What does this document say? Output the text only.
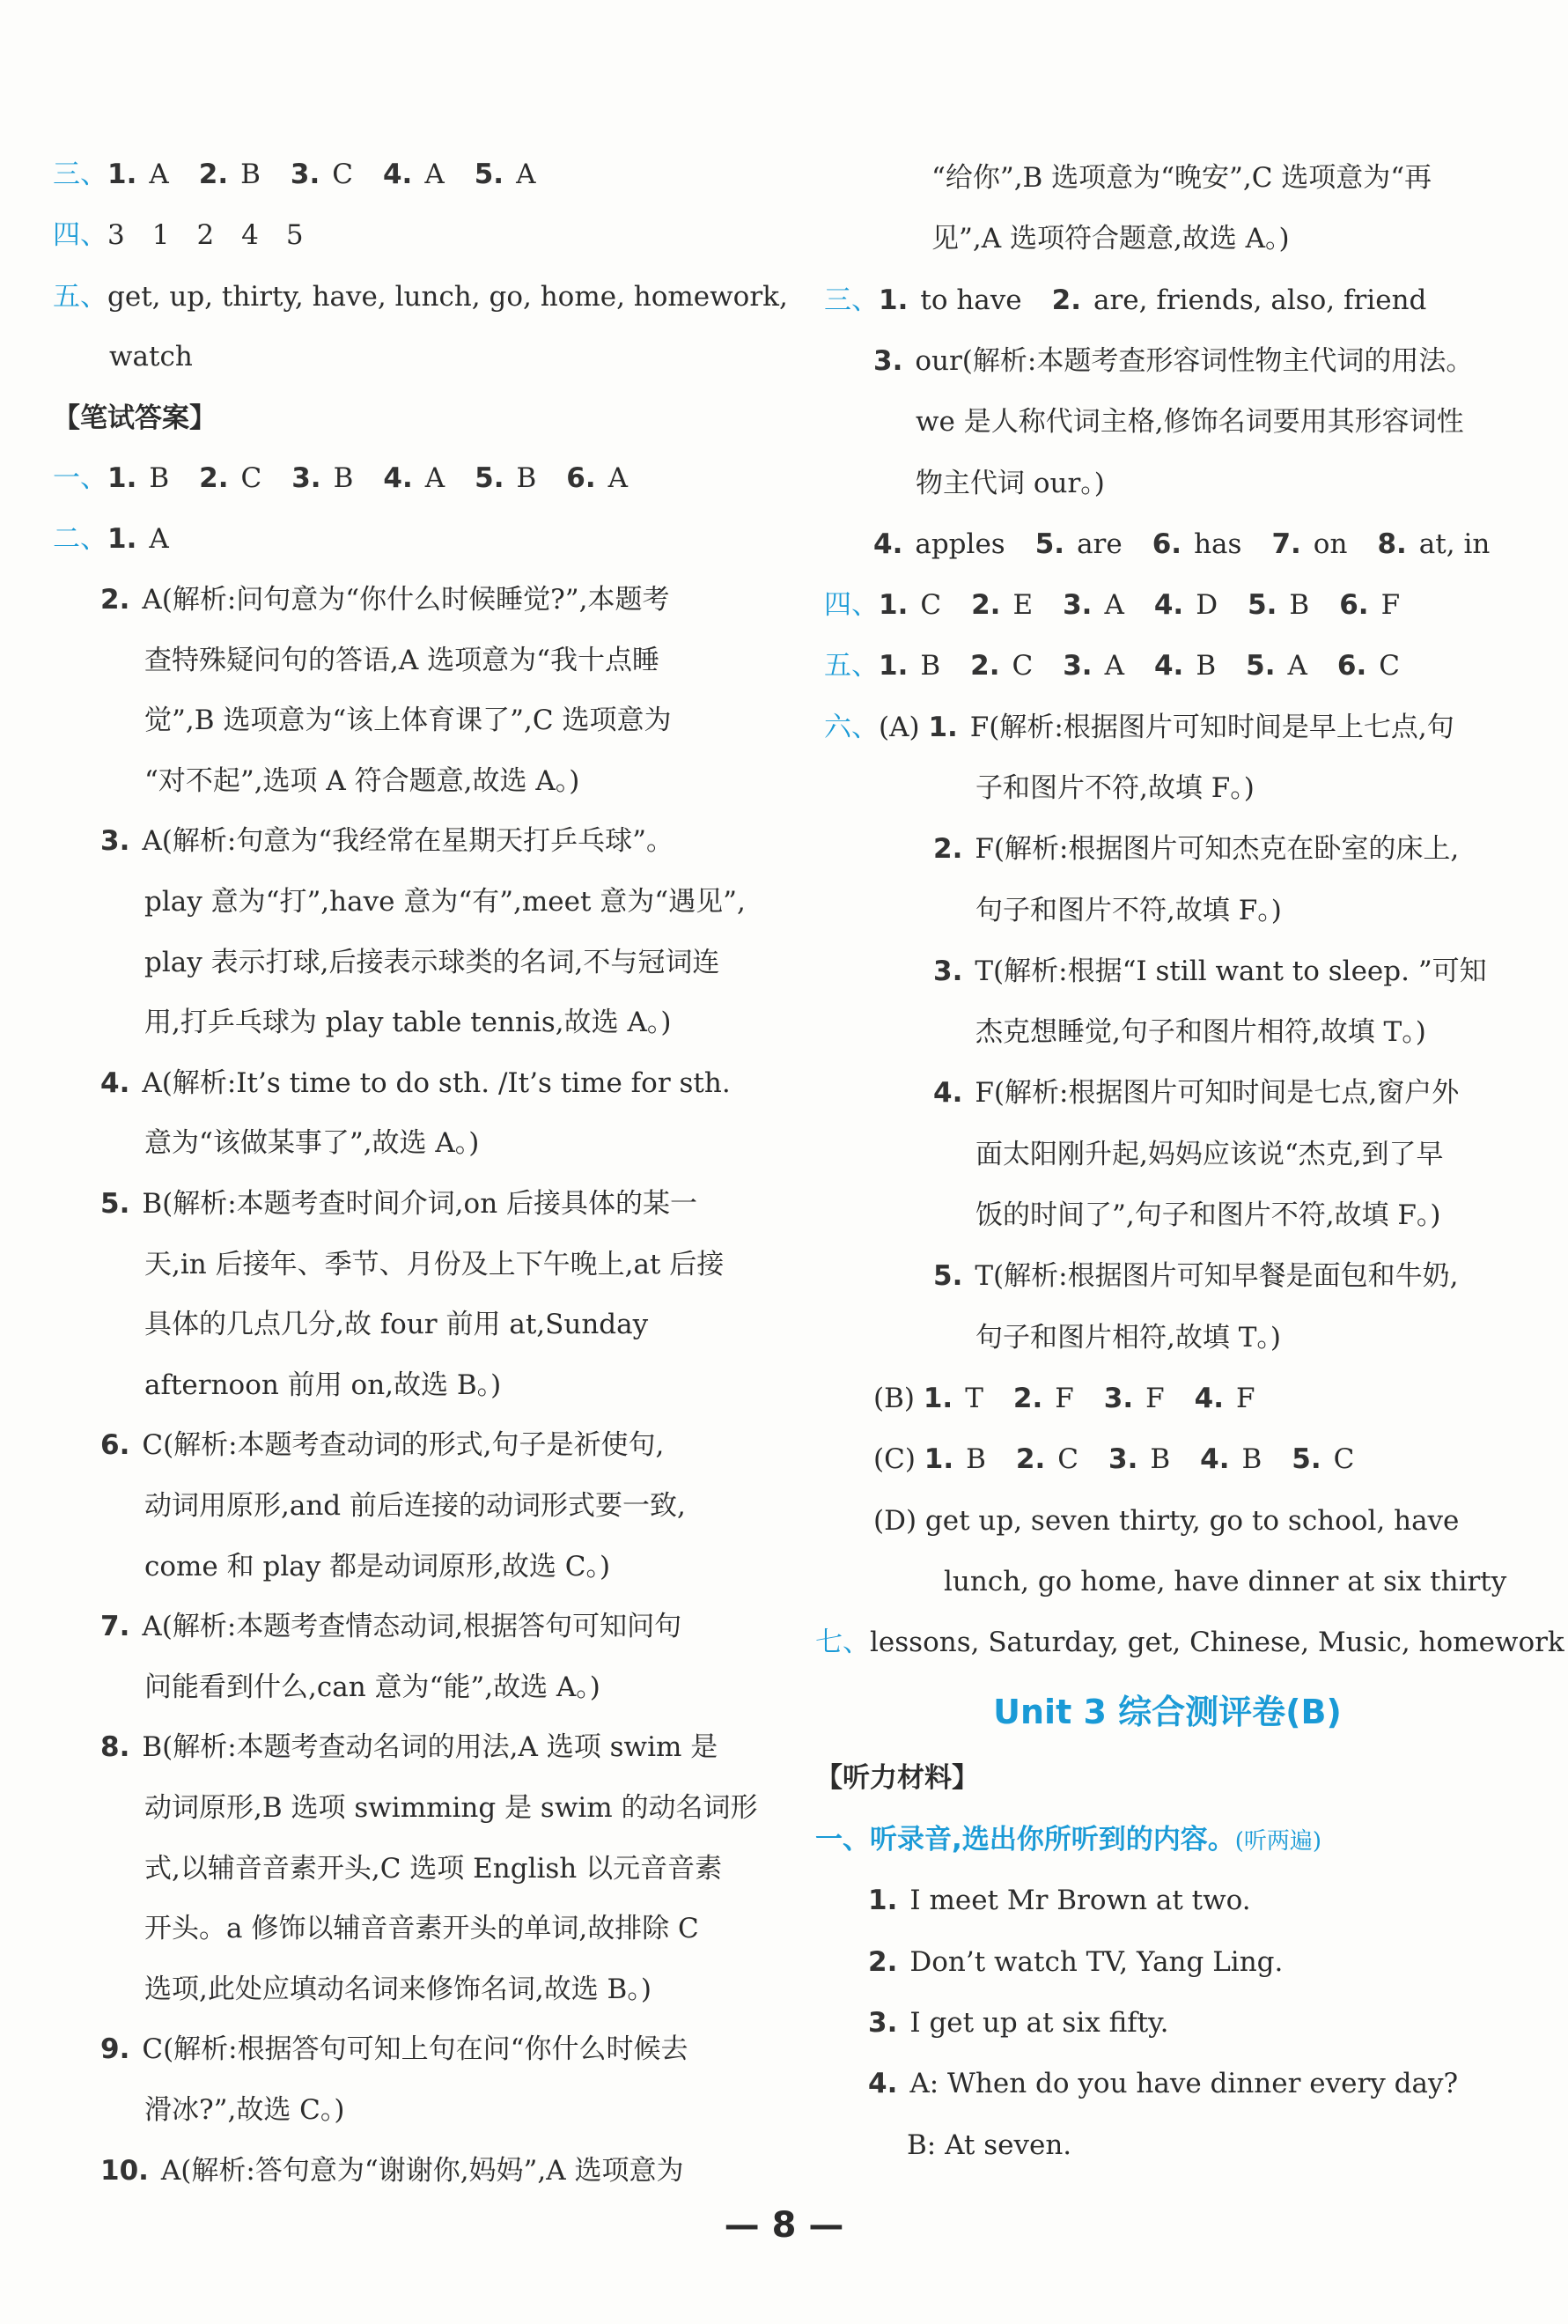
三、1. A 2. B 3. C 4. A 5. A
四、3　1　2　4　5
五、get, up, thirty, have, lunch, go, home, homework,
watch
【笔试答案】
一、1. B 2. C 3. B 4. A 5. B 6. A
二、1. A
2. A(解析:问句意为“你什么时候睡觉?”,本题考
查特殊疑问句的答语,A 选项意为“我十点睡
觉”,B 选项意为“该上体育课了”,C 选项意为
“对不起”,选项 A 符合题意,故选 A。)
3. A(解析:句意为“我经常在星期天打乒乓球”。
play 意为“打”,have 意为“有”,meet 意为“遇见”,
play 表示打球,后接表示球类的名词,不与冠词连
用,打乒乓球为 play table tennis,故选 A。)
4. A(解析:It’s time to do sth. /It’s time for sth.
意为“该做某事了”,故选 A。)
5. B(解析:本题考查时间介词,on 后接具体的某一
天,in 后接年、季节、月份及上下午晚上,at 后接
具体的几点几分,故 four 前用 at,Sunday
afternoon 前用 on,故选 B。)
6. C(解析:本题考查动词的形式,句子是祈使句,
动词用原形,and 前后连接的动词形式要一致,
come 和 play 都是动词原形,故选 C。)
7. A(解析:本题考查情态动词,根据答句可知问句
问能看到什么,can 意为“能”,故选 A。)
8. B(解析:本题考查动名词的用法,A 选项 swim 是
动词原形,B 选项 swimming 是 swim 的动名词形
式,以辅音音素开头,C 选项 English 以元音音素
开头。a 修饰以辅音音素开头的单词,故排除 C
选项,此处应填动名词来修饰名词,故选 B。)
9. C(解析:根据答句可知上句在问“你什么时候去
滑冰?”,故选 C。)
10. A(解析:答句意为“谢谢你,妈妈”,A 选项意为
“给你”,B 选项意为“晚安”,C 选项意为“再
见”,A 选项符合题意,故选 A。)
三、1. to have 2. are, friends, also, friend
3. our(解析:本题考查形容词性物主代词的用法。
we 是人称代词主格,修饰名词要用其形容词性
物主代词 our。)
4. apples 5. are 6. has 7. on 8. at, in
四、1. C 2. E 3. A 4. D 5. B 6. F
五、1. B 2. C 3. A 4. B 5. A 6. C
六、(A) 1. F(解析:根据图片可知时间是早上七点,句
子和图片不符,故填 F。)
2. F(解析:根据图片可知杰克在卧室的床上,
句子和图片不符,故填 F。)
3. T(解析:根据“I still want to sleep. ”可知
杰克想睡觉,句子和图片相符,故填 T。)
4. F(解析:根据图片可知时间是七点,窗户外
面太阳刚升起,妈妈应该说“杰克,到了早
饭的时间了”,句子和图片不符,故填 F。)
5. T(解析:根据图片可知早餐是面包和牛奶,
句子和图片相符,故填 T。)
(B) 1. T 2. F 3. F 4. F
(C) 1. B 2. C 3. B 4. B 5. C
(D) get up, seven thirty, go to school, have
lunch, go home, have dinner at six thirty
七、lessons, Saturday, get, Chinese, Music, homework
Unit 3 综合测评卷(B)
【听力材料】
一、听录音,选出你所听到的内容。(听两遍)
1. I meet Mr Brown at two.
2. Don’t watch TV, Yang Ling.
3. I get up at six fifty.
4. A: When do you have dinner every day?
B: At seven.
— 8 —
